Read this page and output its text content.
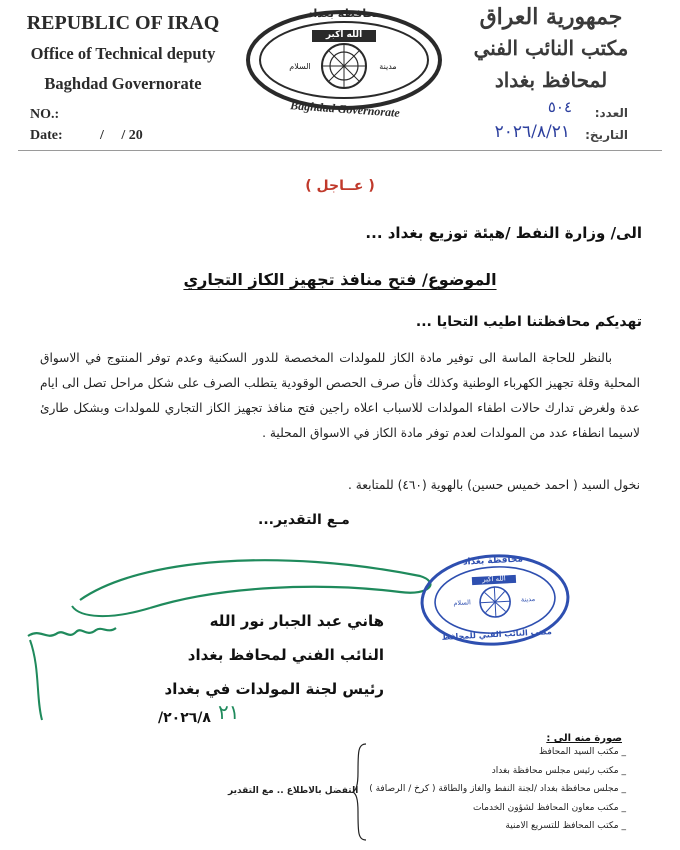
REPUBLIC OF IRAQ
Office of Technical deputy
Baghdad Governorate
NO.:
Date:	/     / 20
محافظة بغداد
الله اكبر
السلام	مدينة
Baghdad Governorate
جمهورية العراق
مكتب النائب الفني
لمحافظ بغداد
العدد:
٥٠٤
التاريخ:
٢٠٢٦/٨/٢١
( عــاجل )
الى/ وزارة النفط /هيئة توزيع بغداد ...
الموضوع/ فتح منافذ تجهيز الكاز التجاري
تهديكم محافظتنا اطيب التحايا ...
بالنظر للحاجة الماسة الى توفير مادة الكاز للمولدات المخصصة للدور السكنية وعدم توفر المنتوج في الاسواق المحلية وقلة تجهيز الكهرباء الوطنية وكذلك فأن صرف الحصص الوقودية يتطلب الصرف على شكل مراحل تصل الى ايام عدة ولغرض تدارك حالات اطفاء المولدات للاسباب اعلاه راجين فتح منافذ تجهيز الكاز التجاري للمولدات وبشكل طارئ لاسيما انطفاء عدد من المولدات لعدم توفر مادة الكاز في الاسواق المحلية .
نخول السيد ( احمد خميس حسين) بالهوية (٤٦٠) للمتابعة .
مـع التقدير...
هاني عبد الجبار نور الله
النائب الفني لمحافظ بغداد
رئيس لجنة المولدات في بغداد
٢٠٢٦/٨/ ٢١
محافظة بغداد
الله اكبر
السلام	مدينة
مكتب النائب الفني للمحافظ
صورة منه الى :
_ مكتب السيد المحافظ
_ مكتب رئيس مجلس محافظة بغداد
_ مجلس محافظة بغداد /لجنة النفط والغاز والطاقة ( كرخ / الرصافة )
_ مكتب معاون المحافظ لشؤون الخدمات
_ مكتب المحافظ للتسريع الامنية
التفضل بالاطلاع .. مع التقدير
